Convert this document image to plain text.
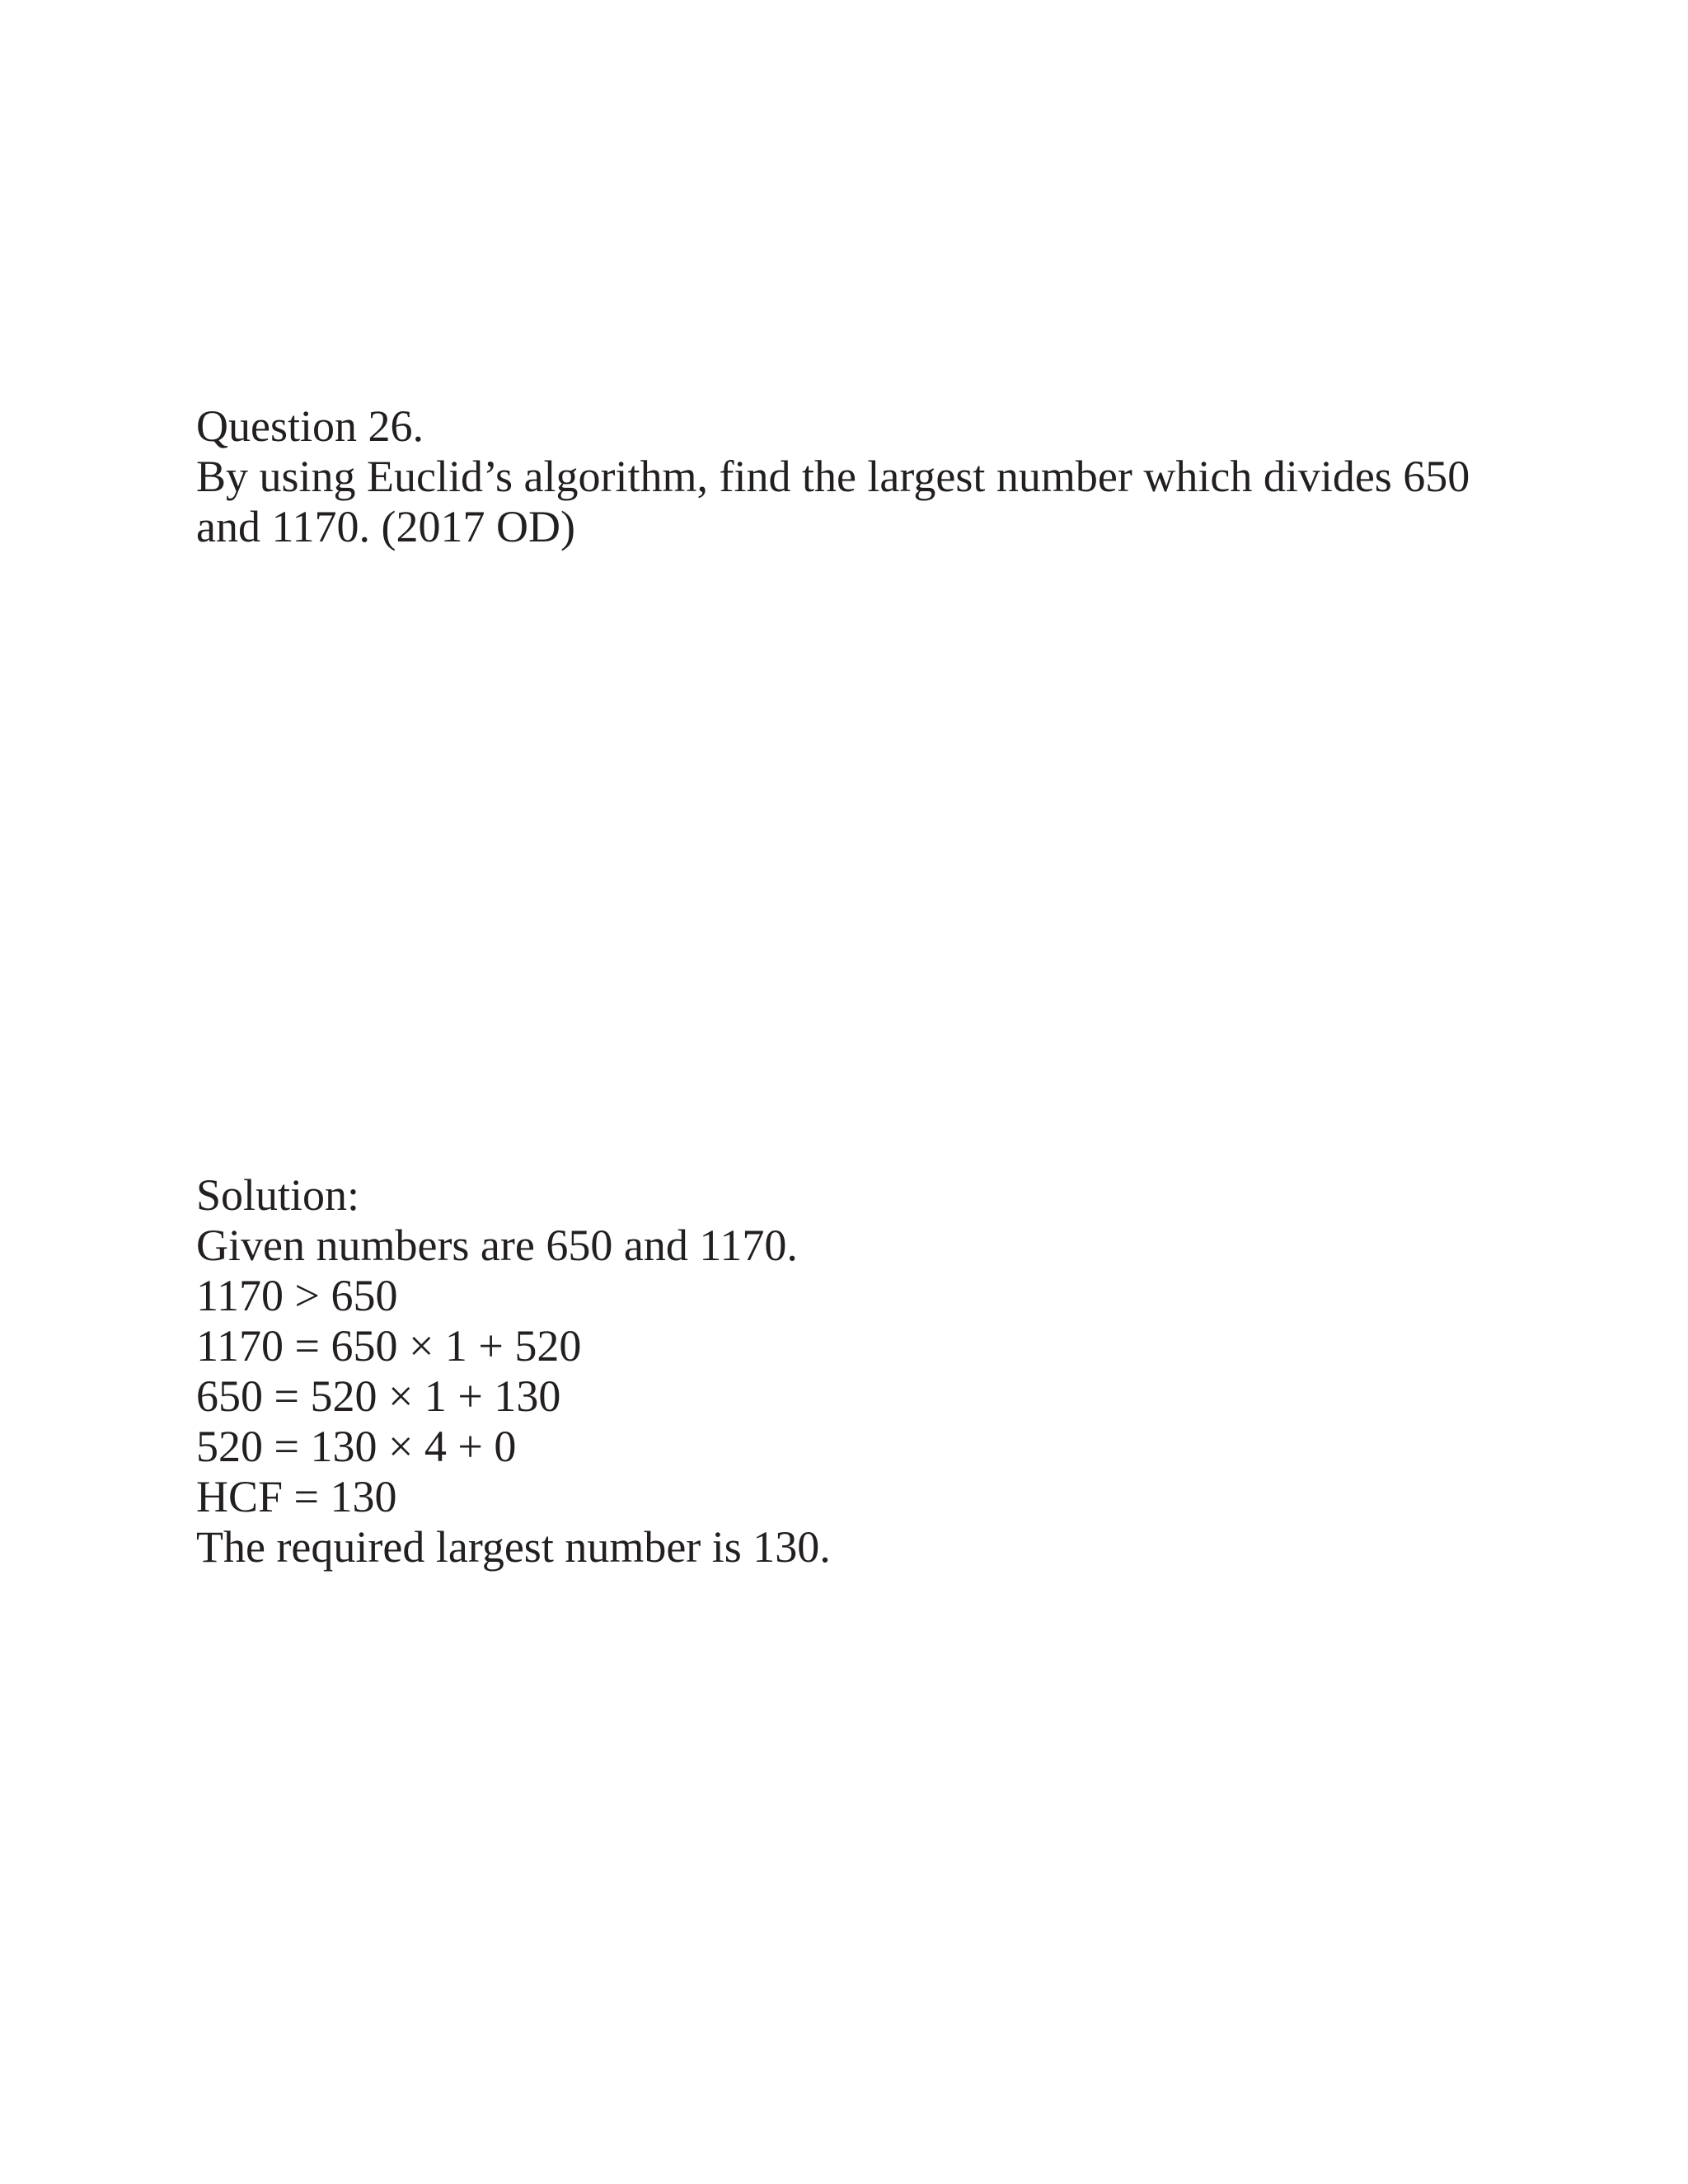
Question 26.
By using Euclid’s algorithm, find the largest number which divides 650
and 1170. (2017 OD)
Solution:
Given numbers are 650 and 1170.
1170 > 650
1170 = 650 × 1 + 520
650 = 520 × 1 + 130
520 = 130 × 4 + 0
HCF = 130
The required largest number is 130.
